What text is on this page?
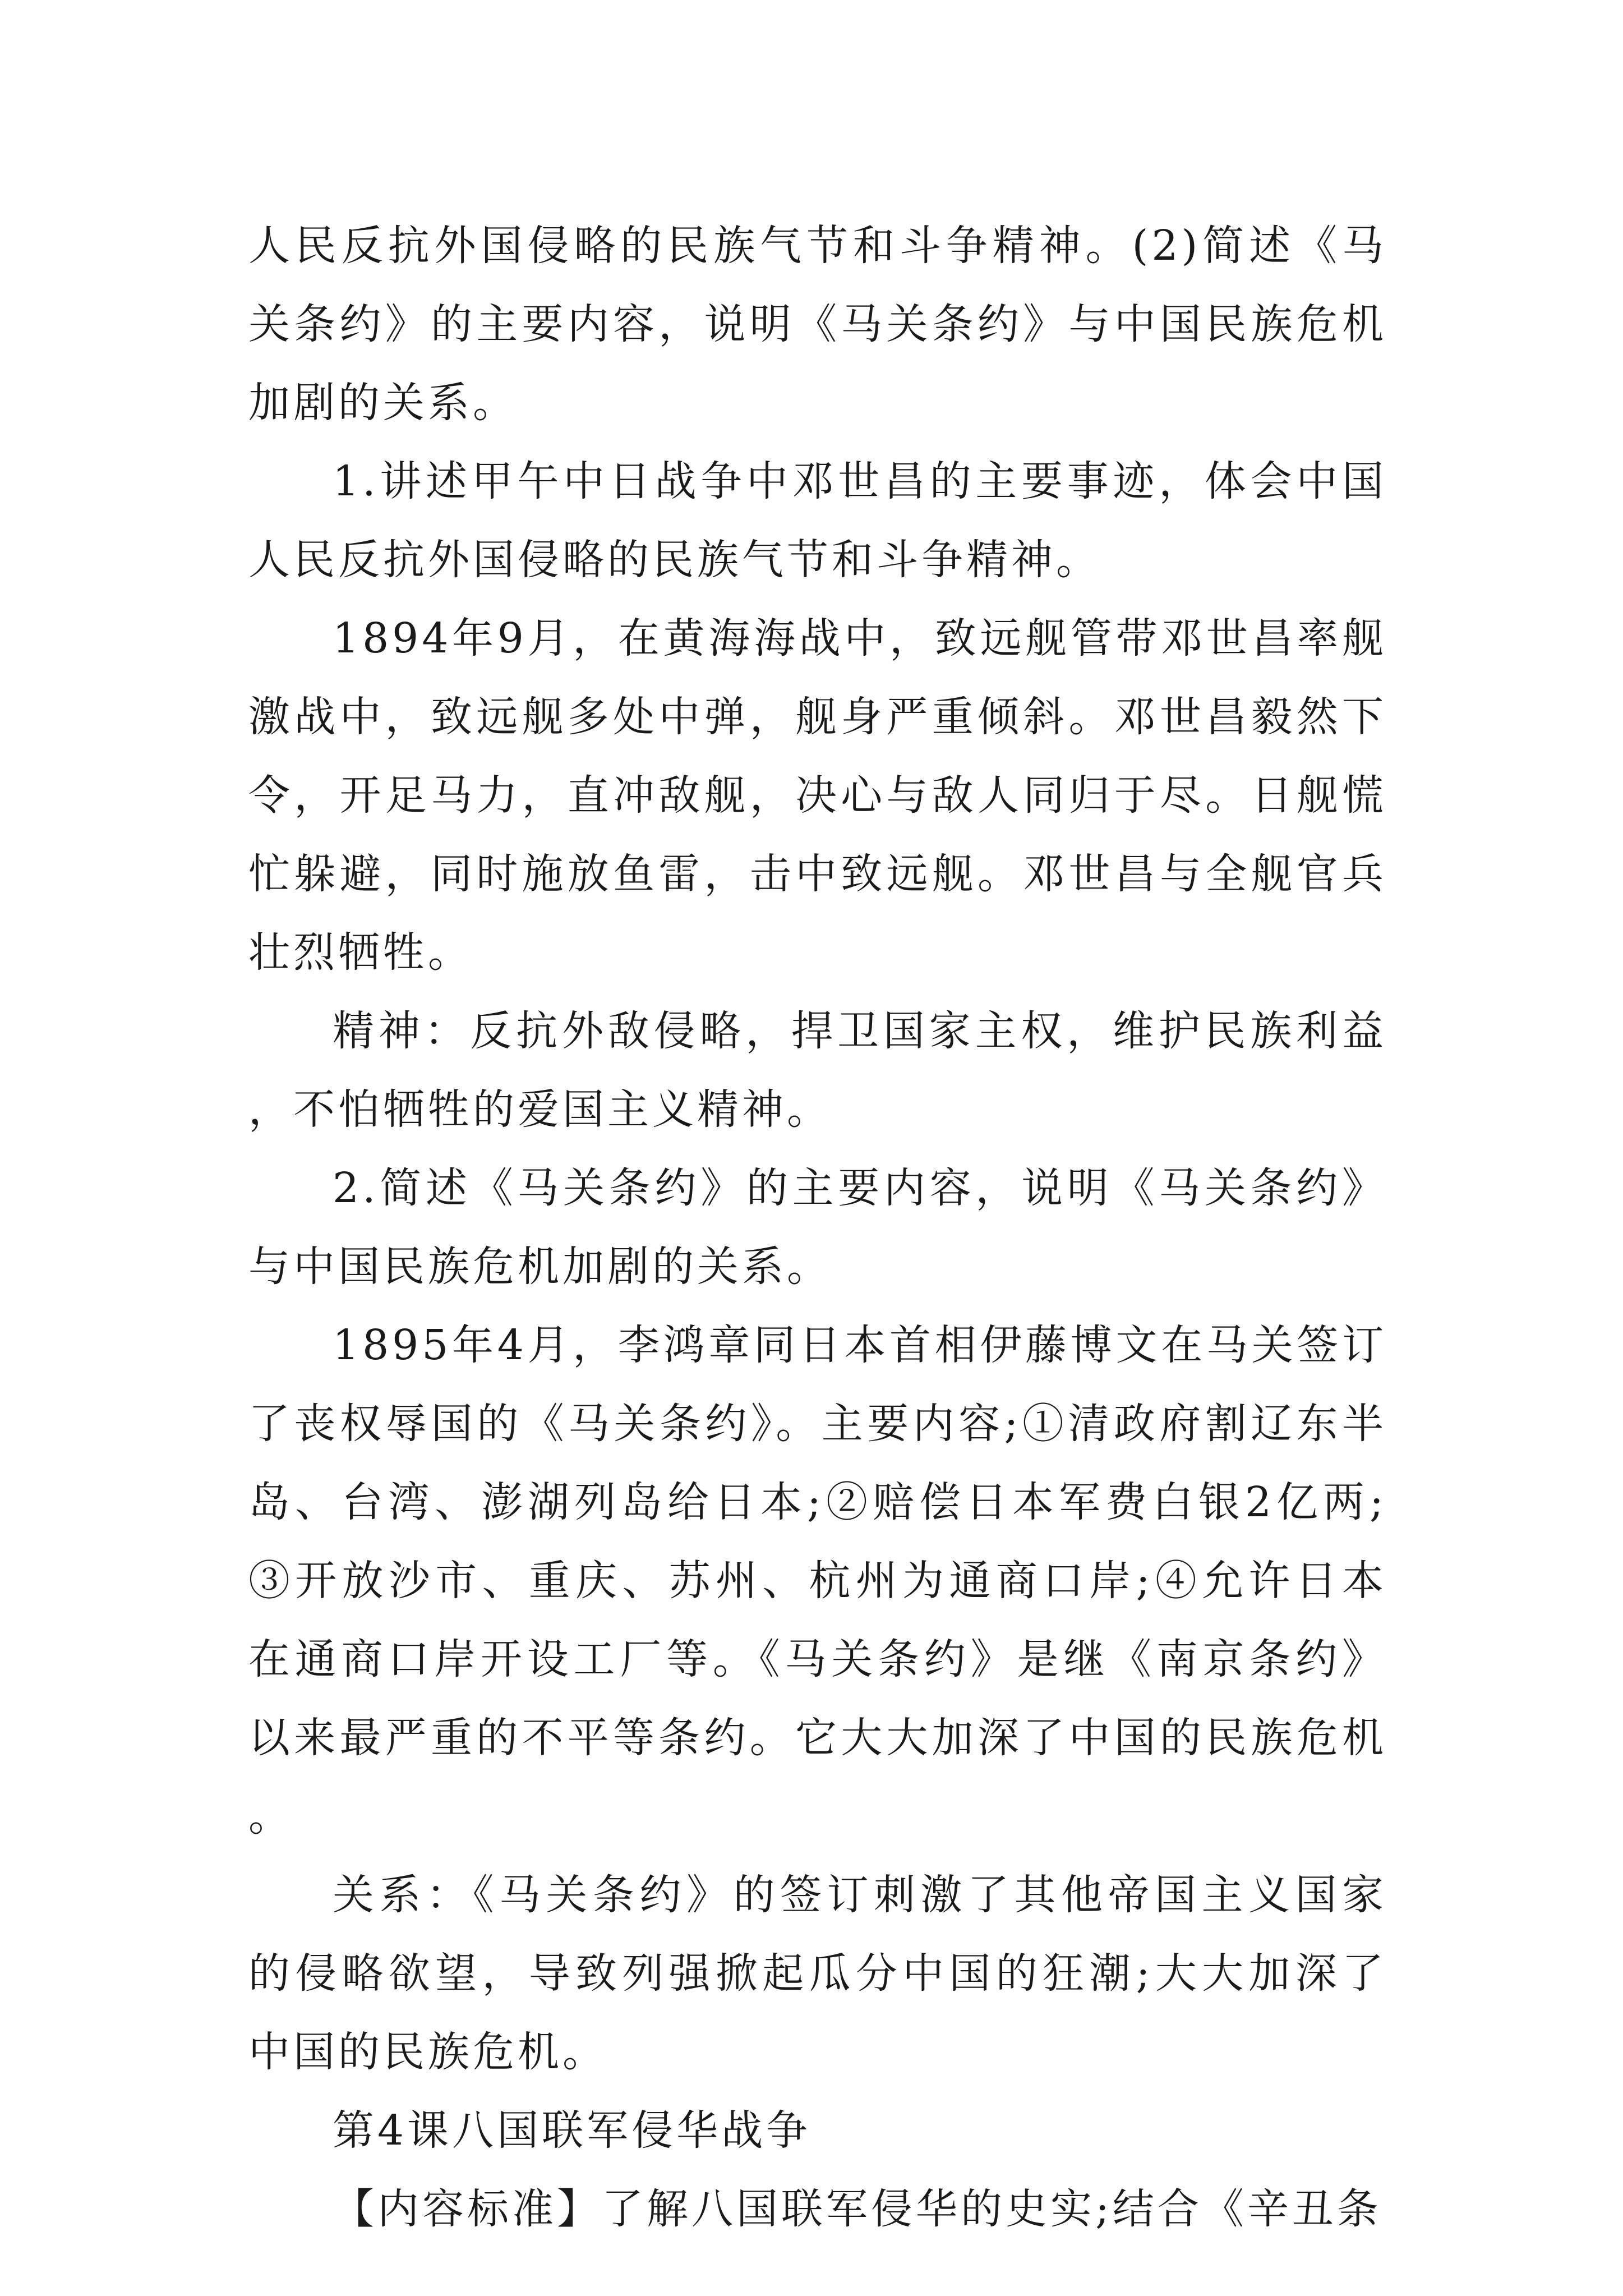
人民反抗外国侵略的民族气节和斗争精神。(2)简述《马关条约》的主要内容，说明《马关条约》与中国民族危机加剧的关系。

1.讲述甲午中日战争中邓世昌的主要事迹，体会中国人民反抗外国侵略的民族气节和斗争精神。

1894年9月，在黄海海战中，致远舰管带邓世昌率舰激战中，致远舰多处中弹，舰身严重倾斜。邓世昌毅然下令，开足马力，直冲敌舰，决心与敌人同归于尽。日舰慌忙躲避，同时施放鱼雷，击中致远舰。邓世昌与全舰官兵壮烈牺牲。

精神：反抗外敌侵略，捍卫国家主权，维护民族利益，不怕牺牲的爱国主义精神。

2.简述《马关条约》的主要内容，说明《马关条约》与中国民族危机加剧的关系。

1895年4月，李鸿章同日本首相伊藤博文在马关签订了丧权辱国的《马关条约》。主要内容;①清政府割辽东半岛、台湾、澎湖列岛给日本;②赔偿日本军费白银2亿两;③开放沙市、重庆、苏州、杭州为通商口岸;④允许日本在通商口岸开设工厂等。《马关条约》是继《南京条约》以来最严重的不平等条约。它大大加深了中国的民族危机。

关系：《马关条约》的签订刺激了其他帝国主义国家的侵略欲望，导致列强掀起瓜分中国的狂潮;大大加深了中国的民族危机。

第4课八国联军侵华战争

【内容标准】了解八国联军侵华的史实;结合《辛丑条
